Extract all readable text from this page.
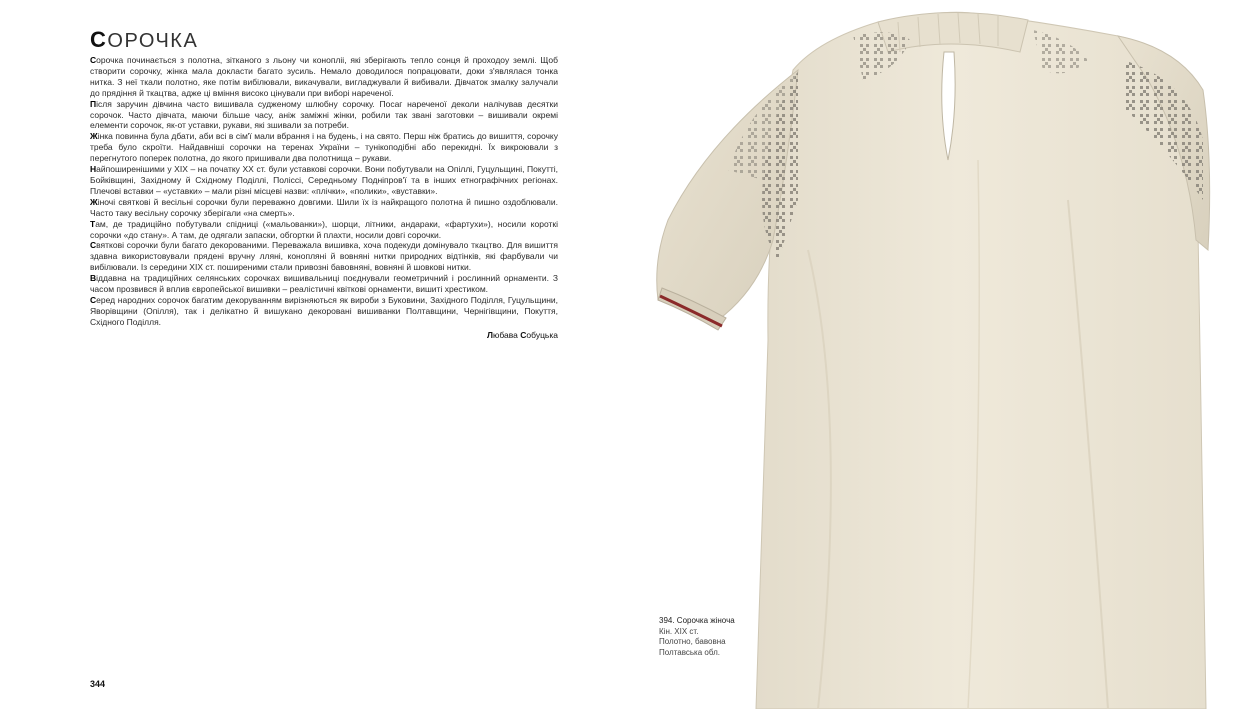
СОРОЧКА

Сорочка починається з полотна, зітканого з льону чи конопліі, які зберігають тепло сонця й проходоу землі. Щоб створити сорочку, жінка мала докласти багато зусиль. Немало доводилося попрацювати, доки з'являлася тонка нитка. З неї ткали полотно, яке потім вибілювали, викачували, вигладжували й вибивали. Дівчаток змалку залучали до прядіння й ткацтва, адже ці вміння високо цінували при виборі нареченої.

Після заручин дівчина часто вишивала судженому шлюбну сорочку. Посаг нареченої деколи налічував десятки сорочок. Часто дівчата, маючи більше часу, аніж заміжні жінки, робили так звані заготовки – вишивали окремі елементи сорочок, як-от уставки, рукави, які зшивали за потреби.

Жінка повинна була дбати, аби всі в сім'ї мали вбрання і на будень, і на свято. Перш ніж братись до вишиття, сорочку треба було скроїти. Найдавніші сорочки на теренах України – тунікоподібні або перекидні. Їх викроювали з перегнутого поперек полотна, до якого пришивали два полотнища – рукави.

Найпоширенішими у XIX – на початку XX ст. були уставкові сорочки. Вони побутували на Опіллі, Гуцульщині, Покутті, Бойківщині, Західному й Східному Поділлі, Поліссі, Середньому Подніпров'ї та в інших етнографічних регіонах. Плечові вставки – «уставки» – мали різні місцеві назви: «плічки», «полики», «вуставки».

Жіночі святкові й весільні сорочки були переважно довгими. Шили їх із найкращого полотна й пишно оздоблювали. Часто таку весільну сорочку зберігали «на смерть».

Там, де традиційно побутували спідниці («мальованки»), шорци, літники, андараки, «фартухи»), носили короткі сорочки «до стану». А там, де одягали запаски, обгортки й плахти, носили довгі сорочки.

Святкові сорочки були багато декорованими. Переважала вишивка, хоча подекуди домінувало ткацтво. Для вишиття здавна використовували прядені вручну лляні, конопляні й вовняні нитки природних відтінків, які фарбували чи вибілювали. Із середини XIX ст. поширеними стали привозні бавовняні, вовняні й шовкові нитки.

Віддавна на традиційних селянських сорочках вишивальниці поєднували геометричний і рослинний орнаменти. З часом прозвився й вплив європейської вишивки – реалістичні квіткові орнаменти, вишиті хрестиком.

Серед народних сорочок багатим декоруванням вирізняються як вироби з Буковини, Західного Поділля, Гуцульщини, Яворівщини (Опілля), так і делікатно й вишукано декоровані вишиванки Полтавщини, Чернігівщини, Покуття, Східного Поділля.

Любава Собуцька
344
394. Сорочка жіноча
Кін. XIX ст.
Полотно, бавовна
Полтавська обл.
